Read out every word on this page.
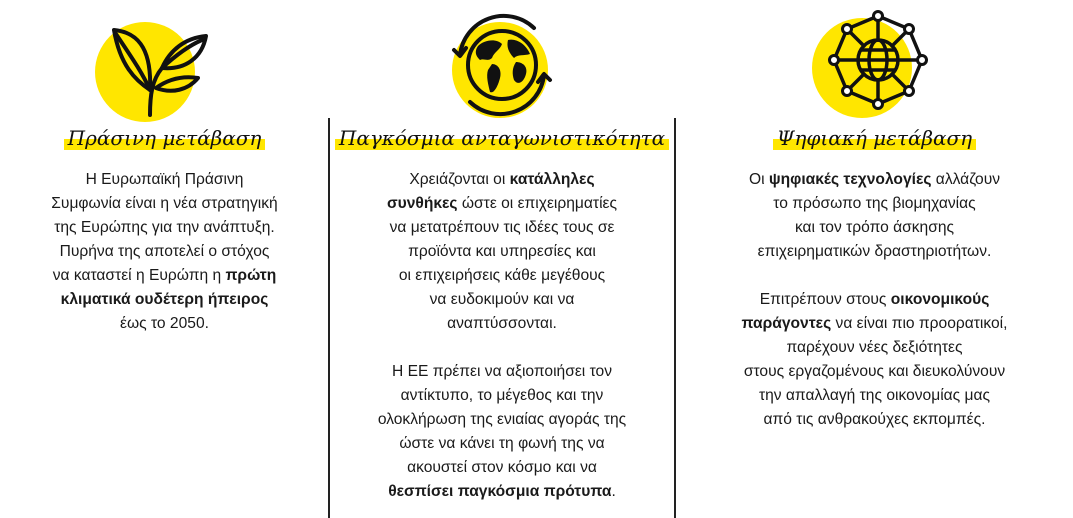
Πράσινη μετάβαση
Η Ευρωπαϊκή Πράσινη
Συμφωνία είναι η νέα στρατηγική
της Ευρώπης για την ανάπτυξη.
Πυρήνα της αποτελεί ο στόχος
να καταστεί η Ευρώπη η πρώτη
κλιματικά ουδέτερη ήπειρος
έως το 2050.
Παγκόσμια ανταγωνιστικότητα
Χρειάζονται οι κατάλληλες
συνθήκες ώστε οι επιχειρηματίες
να μετατρέπουν τις ιδέες τους σε
προϊόντα και υπηρεσίες και
οι επιχειρήσεις κάθε μεγέθους
να ευδοκιμούν και να
αναπτύσσονται.
Η ΕΕ πρέπει να αξιοποιήσει τον
αντίκτυπο, το μέγεθος και την
ολοκλήρωση της ενιαίας αγοράς της
ώστε να κάνει τη φωνή της να
ακουστεί στον κόσμο και να
θεσπίσει παγκόσμια πρότυπα.
Ψηφιακή μετάβαση
Οι ψηφιακές τεχνολογίες αλλάζουν
το πρόσωπο της βιομηχανίας
και τον τρόπο άσκησης
επιχειρηματικών δραστηριοτήτων.
Επιτρέπουν στους οικονομικούς
παράγοντες να είναι πιο προορατικοί,
παρέχουν νέες δεξιότητες
στους εργαζομένους και διευκολύνουν
την απαλλαγή της οικονομίας μας
από τις ανθρακούχες εκπομπές.
